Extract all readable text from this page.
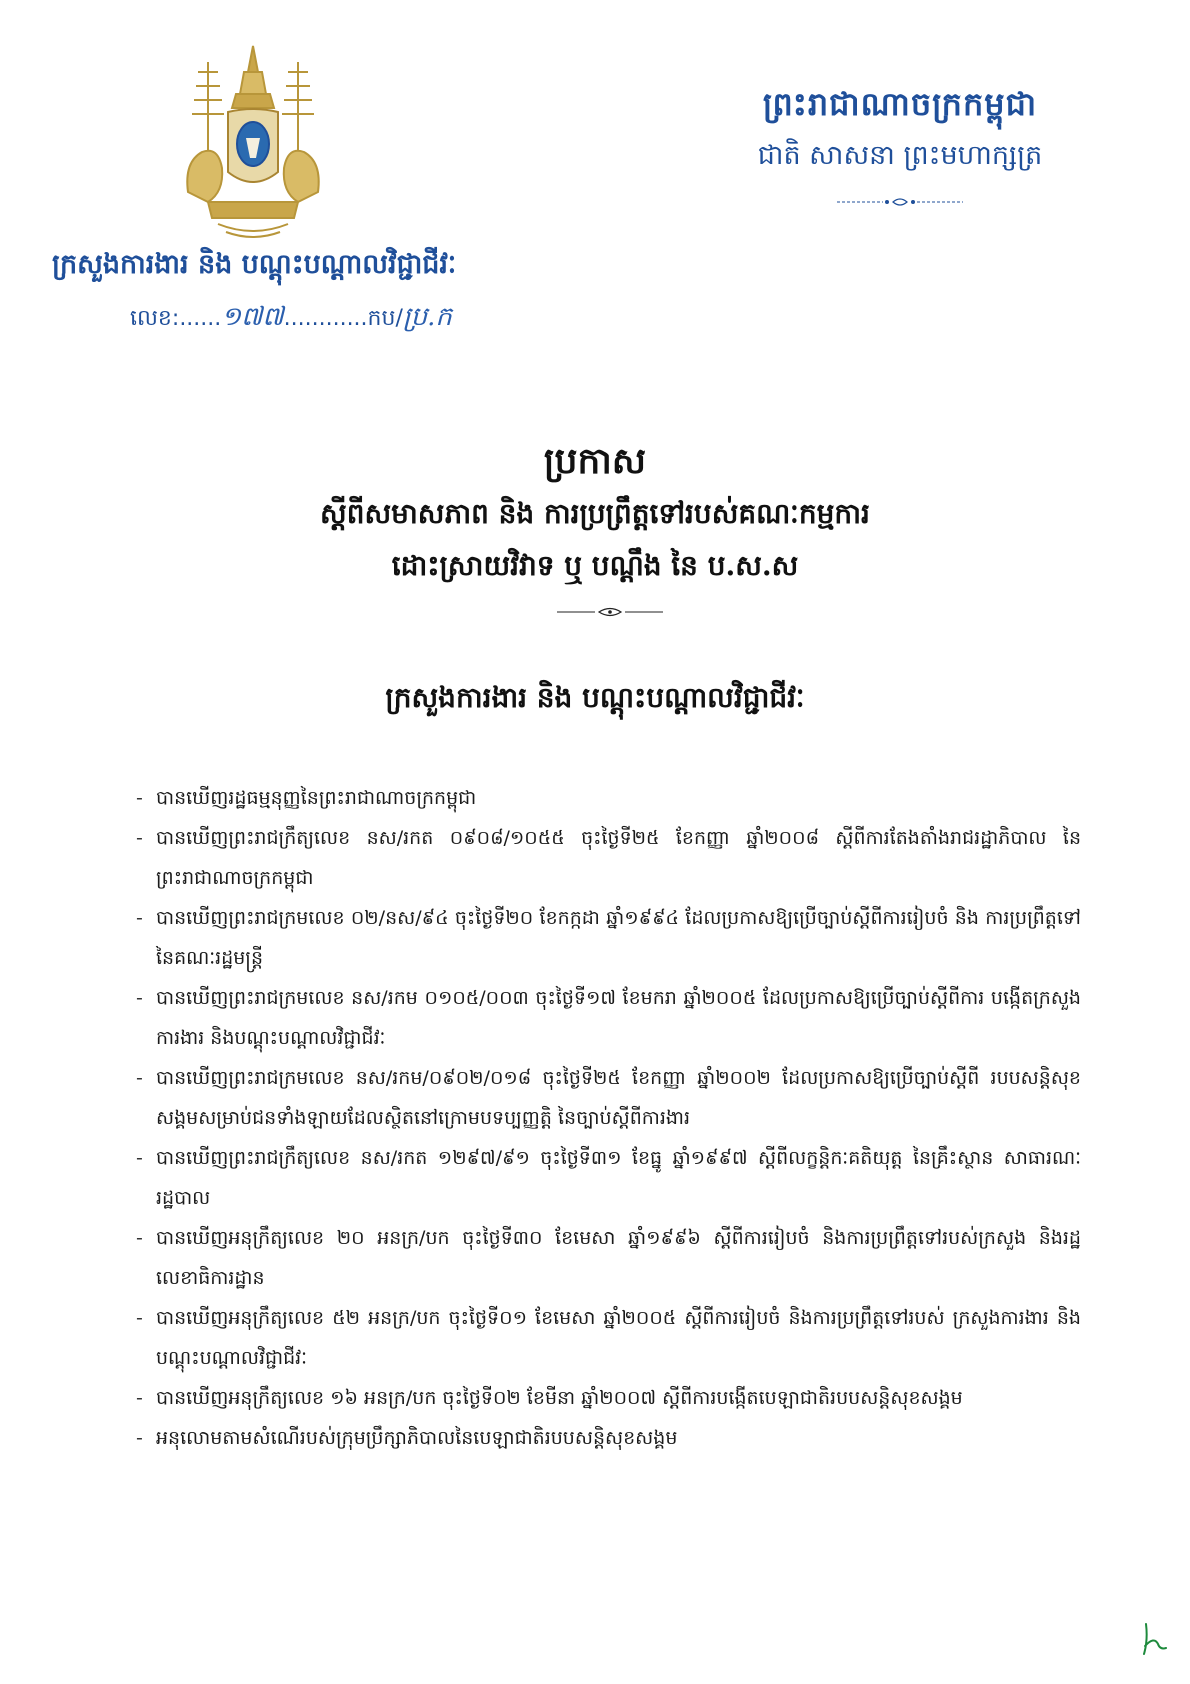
ព្រះរាជាណាចក្រកម្ពុជា
ជាតិ សាសនា ព្រះមហាក្សត្រ
ក្រសួងការងារ និង បណ្តុះបណ្តាលវិជ្ជាជីវៈ
លេខ:......១៧៧............កប/ប្រ.ក
ប្រកាស
ស្តីពីសមាសភាព និង ការប្រព្រឹត្តទៅរបស់គណៈកម្មការ
ដោះស្រាយវិវាទ ឬ បណ្តឹង នៃ ប.ស.ស
ក្រសួងការងារ និង បណ្តុះបណ្តាលវិជ្ជាជីវៈ
- បានឃើញរដ្ឋធម្មនុញ្ញនៃព្រះរាជាណាចក្រកម្ពុជា
- បានឃើញព្រះរាជក្រឹត្យលេខ នស/រកត ០៩០៨/១០៥៥ ចុះថ្ងៃទី២៥ ខែកញ្ញា ឆ្នាំ២០០៨ ស្តីពីការតែងតាំងរាជរដ្ឋាភិបាល នៃព្រះរាជាណាចក្រកម្ពុជា
- បានឃើញព្រះរាជក្រមលេខ ០២/នស/៩៤ ចុះថ្ងៃទី២០ ខែកក្កដា ឆ្នាំ១៩៩៤ ដែលប្រកាសឱ្យប្រើច្បាប់ស្តីពីការរៀបចំ និង ការប្រព្រឹត្តទៅនៃគណៈរដ្ឋមន្ត្រី
- បានឃើញព្រះរាជក្រមលេខ នស/រកម ០១០៥/០០៣ ចុះថ្ងៃទី១៧ ខែមករា ឆ្នាំ២០០៥ ដែលប្រកាសឱ្យប្រើច្បាប់ស្តីពីការ បង្កើតក្រសួងការងារ និងបណ្តុះបណ្តាលវិជ្ជាជីវៈ
- បានឃើញព្រះរាជក្រមលេខ នស/រកម/០៩០២/០១៨ ចុះថ្ងៃទី២៥ ខែកញ្ញា ឆ្នាំ២០០២ ដែលប្រកាសឱ្យប្រើច្បាប់ស្តីពី របបសន្តិសុខសង្គមសម្រាប់ជនទាំងឡាយដែលស្ថិតនៅក្រោមបទប្បញ្ញត្តិ នៃច្បាប់ស្តីពីការងារ
- បានឃើញព្រះរាជក្រឹត្យលេខ នស/រកត ១២៩៧/៩១ ចុះថ្ងៃទី៣១ ខែធ្នូ ឆ្នាំ១៩៩៧ ស្តីពីលក្ខន្តិកៈគតិយុត្ត នៃគ្រឹះស្ថាន សាធារណៈរដ្ឋបាល
- បានឃើញអនុក្រឹត្យលេខ ២០ អនក្រ/បក ចុះថ្ងៃទី៣០ ខែមេសា ឆ្នាំ១៩៩៦ ស្តីពីការរៀបចំ និងការប្រព្រឹត្តទៅរបស់ក្រសួង និងរដ្ឋលេខាធិការដ្ឋាន
- បានឃើញអនុក្រឹត្យលេខ ៥២ អនក្រ/បក ចុះថ្ងៃទី០១ ខែមេសា ឆ្នាំ២០០៥ ស្តីពីការរៀបចំ និងការប្រព្រឹត្តទៅរបស់ ក្រសួងការងារ និងបណ្តុះបណ្តាលវិជ្ជាជីវៈ
- បានឃើញអនុក្រឹត្យលេខ ១៦ អនក្រ/បក ចុះថ្ងៃទី០២ ខែមីនា ឆ្នាំ២០០៧ ស្តីពីការបង្កើតបេឡាជាតិរបបសន្តិសុខសង្គម
- អនុលោមតាមសំណើរបស់ក្រុមប្រឹក្សាភិបាលនៃបេឡាជាតិរបបសន្តិសុខសង្គម
